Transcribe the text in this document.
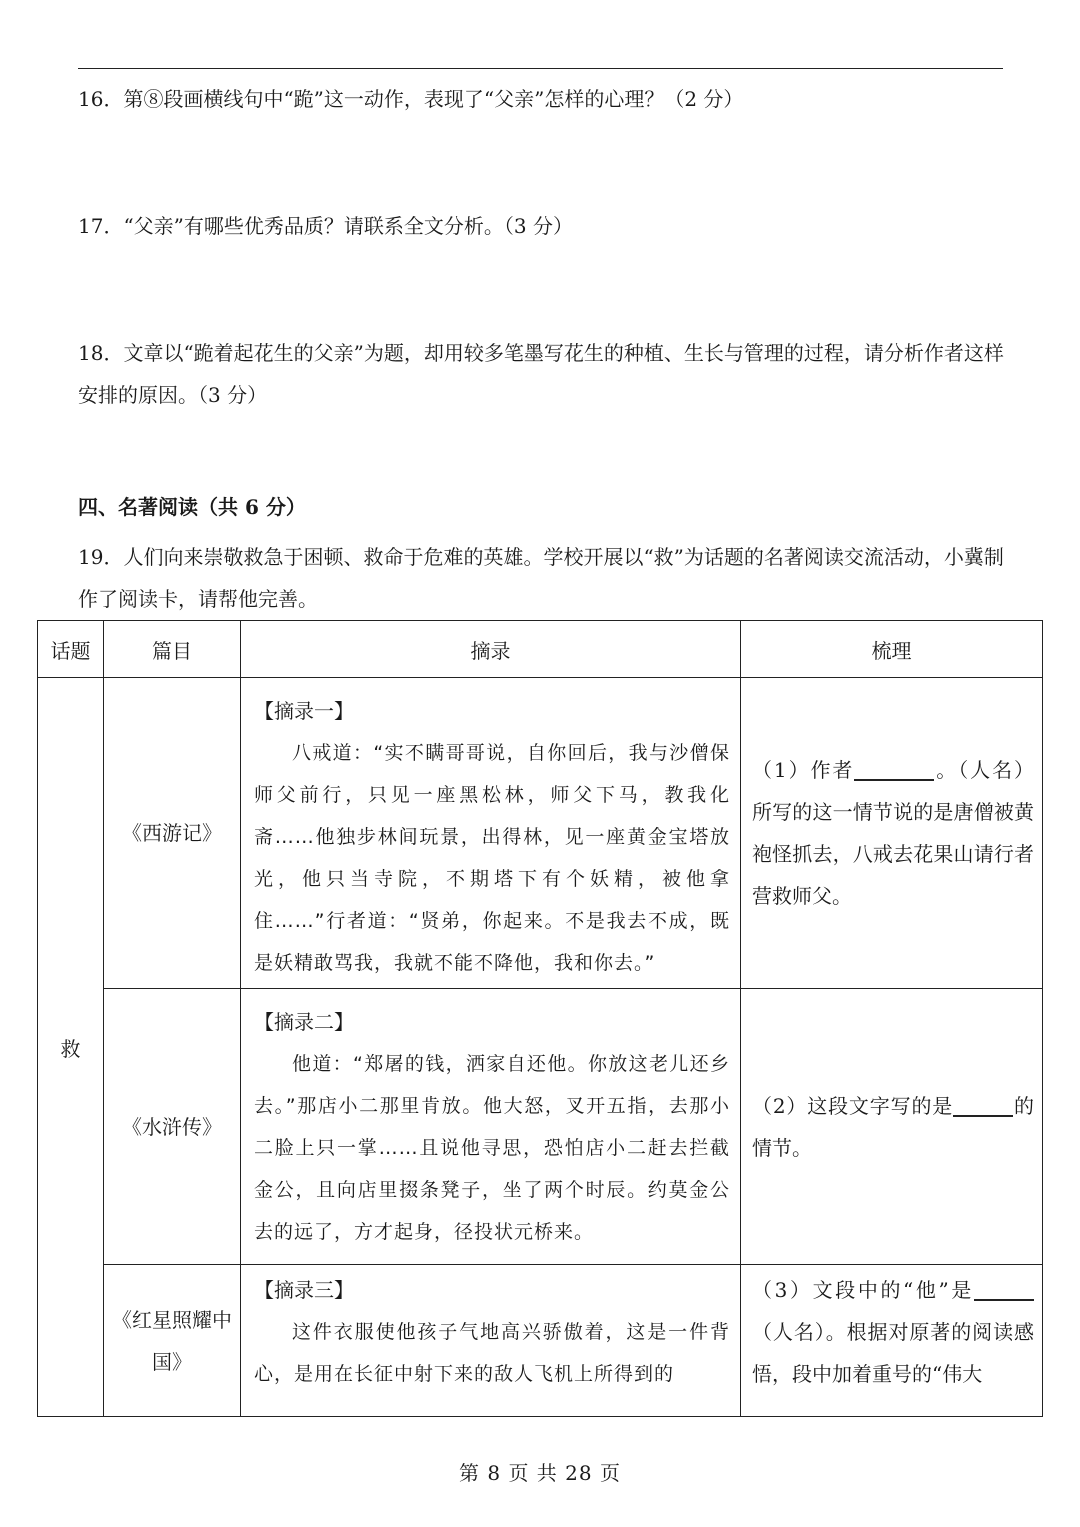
16．第⑧段画横线句中“跪”这一动作，表现了“父亲”怎样的心理？（2 分）
17．“父亲”有哪些优秀品质？请联系全文分析。（3 分）
18．文章以“跪着起花生的父亲”为题，却用较多笔墨写花生的种植、生长与管理的过程，请分析作者这样安排的原因。（3 分）
四、名著阅读（共 6 分）
19．人们向来崇敬救急于困顿、救命于危难的英雄。学校开展以“救”为话题的名著阅读交流活动，小冀制作了阅读卡，请帮他完善。
话题	篇目	摘录	梳理
救	《西游记》	【摘录一】
八戒道：“实不瞒哥哥说，自你回后，我与沙僧保师父前行，只见一座黑松林，师父下马，教我化斋……他独步林间玩景，出得林，见一座黄金宝塔放光，他只当寺院，不期塔下有个妖精，被他拿住……”行者道：“贤弟，你起来。不是我去不成，既是妖精敢骂我，我就不能不降他，我和你去。”	（1）作者 。（人名）所写的这一情节说的是唐僧被黄袍怪抓去，八戒去花果山请行者营救师父。

	《水浒传》	【摘录二】
他道：“郑屠的钱，洒家自还他。你放这老儿还乡去。”那店小二那里肯放。他大怒，叉开五指，去那小二脸上只一掌……且说他寻思，恐怕店小二赶去拦截金公，且向店里掇条凳子，坐了两个时辰。约莫金公去的远了，方才起身，径投状元桥来。	（2）这段文字写的是 的情节。

	《红星照耀中国》	【摘录三】
这件衣服使他孩子气地高兴骄傲着，这是一件背心，是用在长征中射下来的敌人飞机上所得到的	（3）文段中的“他”是（人名）。根据对原著的阅读感悟，段中加着重号的“伟大
第 8 页 共 28 页
